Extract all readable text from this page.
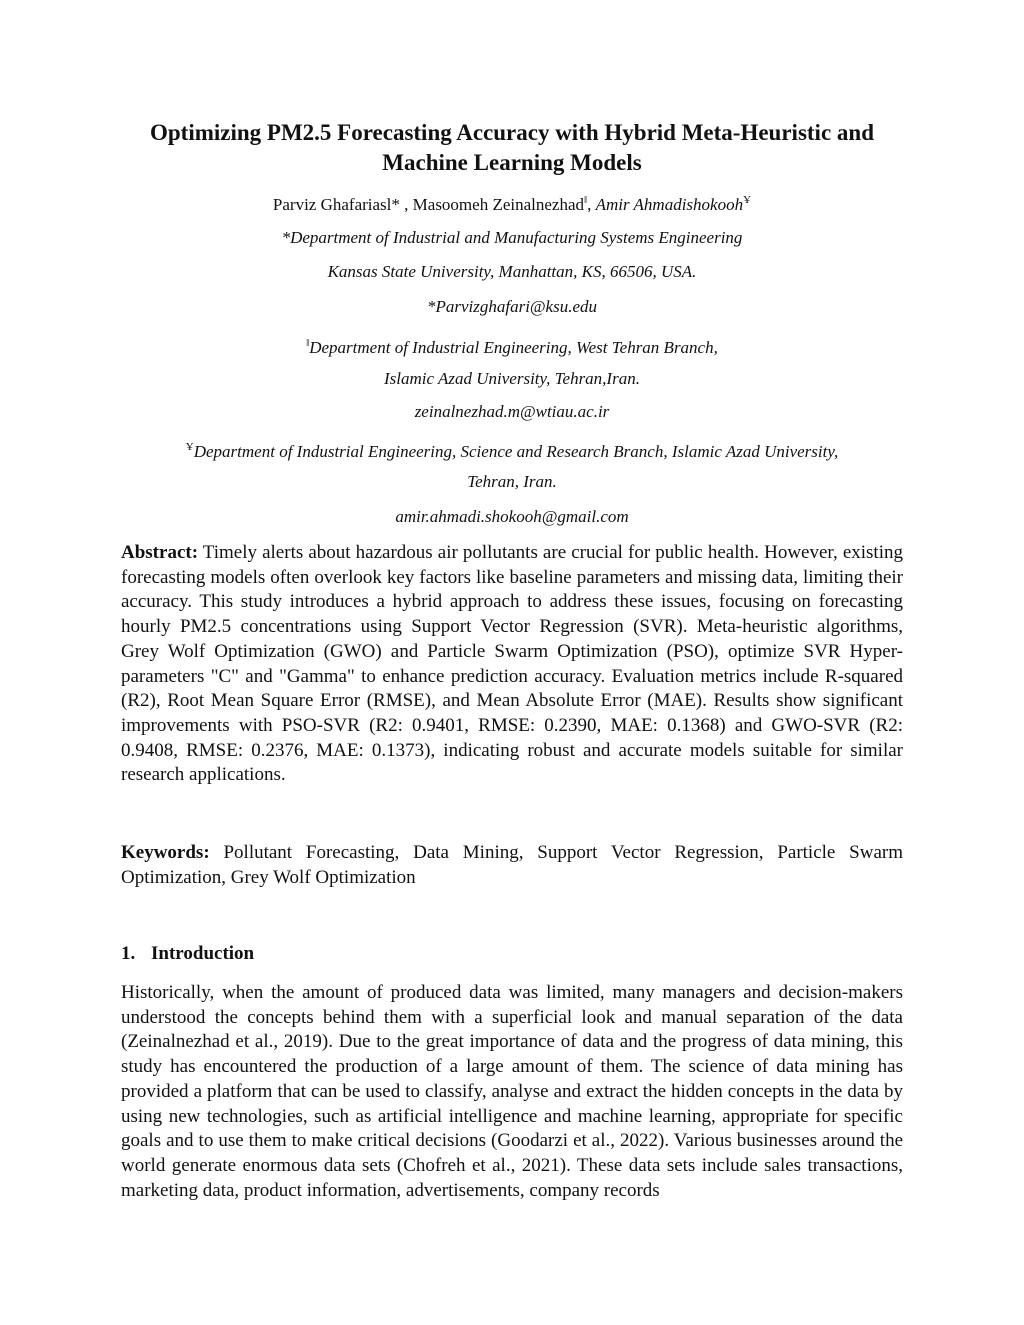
Optimizing PM2.5 Forecasting Accuracy with Hybrid Meta-Heuristic and
Machine Learning Models
Parviz Ghafariasl* , Masoomeh Zeinalnezhad$^ǁ$, Amir Ahmadishokooh$^Ұ$
*Department of Industrial and Manufacturing Systems Engineering
Kansas State University, Manhattan, KS, 66506, USA.
*Parvizghafari@ksu.edu
$^ǁ$Department of Industrial Engineering, West Tehran Branch,
Islamic Azad University, Tehran,Iran.
zeinalnezhad.m@wtiau.ac.ir
$^Ұ$Department of Industrial Engineering, Science and Research Branch, Islamic Azad University,
Tehran, Iran.
amir.ahmadi.shokooh@gmail.com
Abstract: Timely alerts about hazardous air pollutants are crucial for public health. However, existing forecasting models often overlook key factors like baseline parameters and missing data, limiting their accuracy. This study introduces a hybrid approach to address these issues, focusing on forecasting hourly PM2.5 concentrations using Support Vector Regression (SVR). Meta-heuristic algorithms, Grey Wolf Optimization (GWO) and Particle Swarm Optimization (PSO), optimize SVR Hyper-parameters "C" and "Gamma" to enhance prediction accuracy. Evaluation metrics include R-squared (R2), Root Mean Square Error (RMSE), and Mean Absolute Error (MAE). Results show significant improvements with PSO-SVR (R2: 0.9401, RMSE: 0.2390, MAE: 0.1368) and GWO-SVR (R2: 0.9408, RMSE: 0.2376, MAE: 0.1373), indicating robust and accurate models suitable for similar research applications.
Keywords: Pollutant Forecasting, Data Mining, Support Vector Regression, Particle Swarm Optimization, Grey Wolf Optimization
1. Introduction
Historically, when the amount of produced data was limited, many managers and decision-makers understood the concepts behind them with a superficial look and manual separation of the data (Zeinalnezhad et al., 2019). Due to the great importance of data and the progress of data mining, this study has encountered the production of a large amount of them. The science of data mining has provided a platform that can be used to classify, analyse and extract the hidden concepts in the data by using new technologies, such as artificial intelligence and machine learning, appropriate for specific goals and to use them to make critical decisions (Goodarzi et al., 2022). Various businesses around the world generate enormous data sets (Chofreh et al., 2021). These data sets include sales transactions, marketing data, product information, advertisements, company records
